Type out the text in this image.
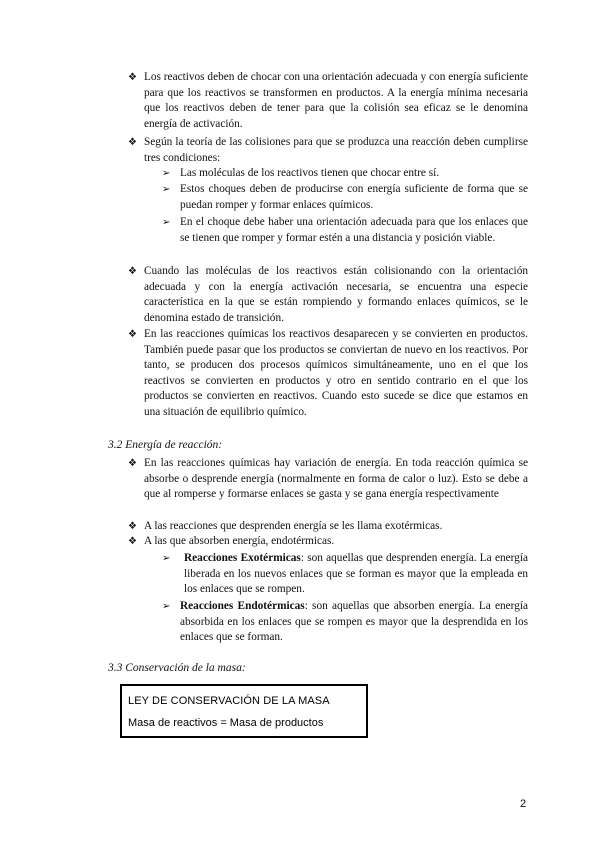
❖ Los reactivos deben de chocar con una orientación adecuada y con energía suficiente para que los reactivos se transformen en productos. A la energía mínima necesaria que los reactivos deben de tener para que la colisión sea eficaz se le denomina energía de activación.
❖ Según la teoría de las colisiones para que se produzca una reacción deben cumplirse tres condiciones:
➢ Las moléculas de los reactivos tienen que chocar entre sí.
➢ Estos choques deben de producirse con energía suficiente de forma que se puedan romper y formar enlaces químicos.
➢ En el choque debe haber una orientación adecuada para que los enlaces que se tienen que romper y formar estén a una distancia y posición viable.
❖ Cuando las moléculas de los reactivos están colisionando con la orientación adecuada y con la energía activación necesaria, se encuentra una especie característica en la que se están rompiendo y formando enlaces químicos, se le denomina estado de transición.
❖ En las reacciones químicas los reactivos desaparecen y se convierten en productos. También puede pasar que los productos se conviertan de nuevo en los reactivos. Por tanto, se producen dos procesos químicos simultáneamente, uno en el que los reactivos se convierten en productos y otro en sentido contrario en el que los productos se convierten en reactivos. Cuando esto sucede se dice que estamos en una situación de equilibrio químico.
3.2 Energía de reacción:
❖ En las reacciones químicas hay variación de energía. En toda reacción química se absorbe o desprende energía (normalmente en forma de calor o luz). Esto se debe a que al romperse y formarse enlaces se gasta y se gana energía respectivamente
❖ A las reacciones que desprenden energía se les llama exotérmicas.
❖ A las que absorben energía, endotérmicas.
➢ Reacciones Exotérmicas: son aquellas que desprenden energía. La energía liberada en los nuevos enlaces que se forman es mayor que la empleada en los enlaces que se rompen.
➢ Reacciones Endotérmicas: son aquellas que absorben energía. La energía absorbida en los enlaces que se rompen es mayor que la desprendida en los enlaces que se forman.
3.3 Conservación de la masa:
LEY DE CONSERVACIÓN DE LA MASA
Masa de reactivos = Masa de productos
2
